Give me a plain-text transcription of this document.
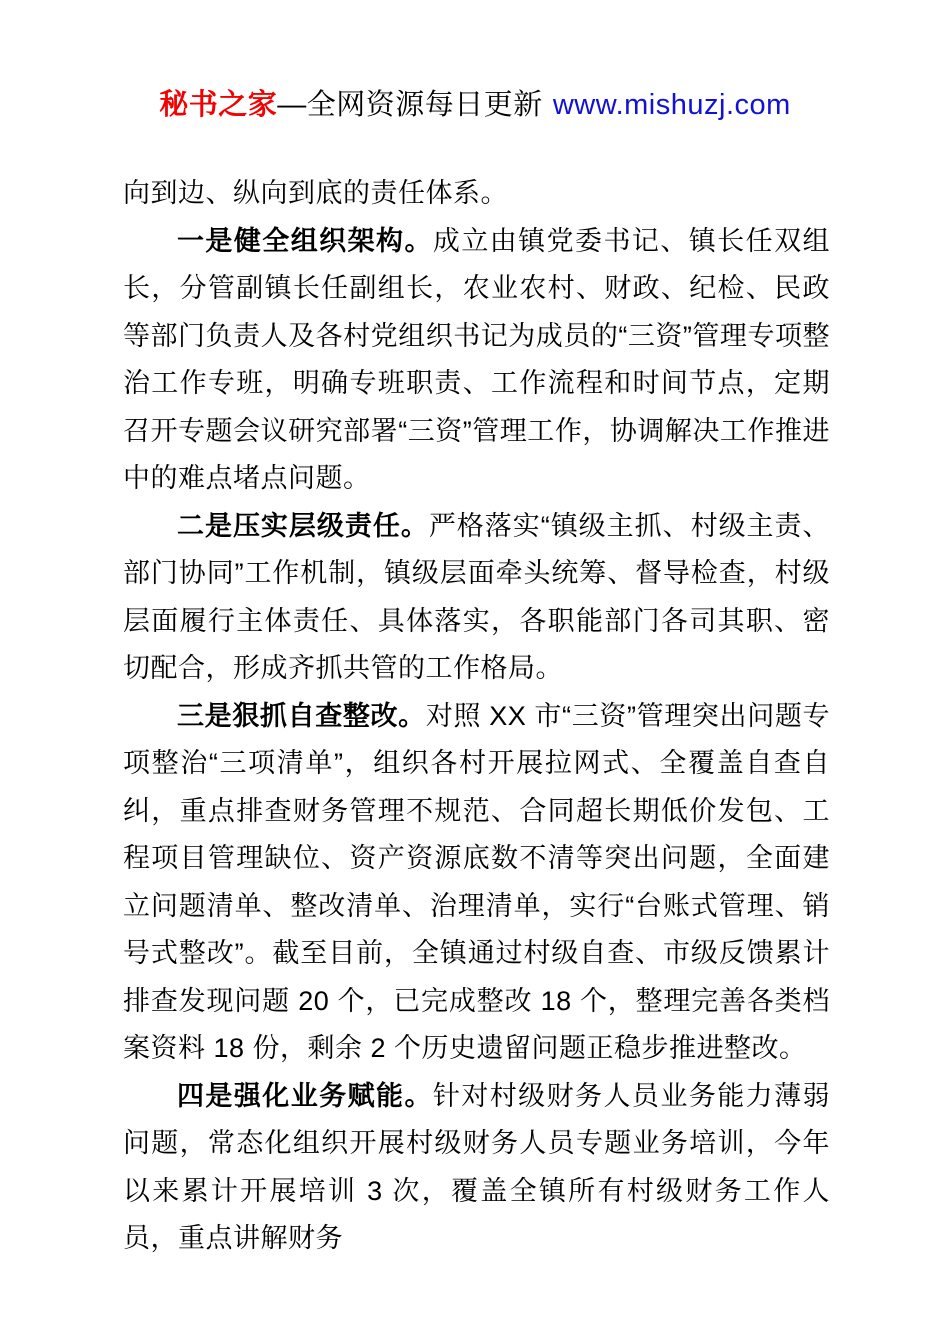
秘书之家—全网资源每日更新 www.mishuzj.com

向到边、纵向到底的责任体系。

一是健全组织架构。成立由镇党委书记、镇长任双组长，分管副镇长任副组长，农业农村、财政、纪检、民政等部门负责人及各村党组织书记为成员的“三资”管理专项整治工作专班，明确专班职责、工作流程和时间节点，定期召开专题会议研究部署“三资”管理工作，协调解决工作推进中的难点堵点问题。

二是压实层级责任。严格落实“镇级主抓、村级主责、部门协同”工作机制，镇级层面牵头统筹、督导检查，村级层面履行主体责任、具体落实，各职能部门各司其职、密切配合，形成齐抓共管的工作格局。

三是狠抓自查整改。对照 XX 市“三资”管理突出问题专项整治“三项清单”，组织各村开展拉网式、全覆盖自查自纠，重点排查财务管理不规范、合同超长期低价发包、工程项目管理缺位、资产资源底数不清等突出问题，全面建立问题清单、整改清单、治理清单，实行“台账式管理、销号式整改”。截至目前，全镇通过村级自查、市级反馈累计排查发现问题 20 个，已完成整改 18 个，整理完善各类档案资料 18 份，剩余 2 个历史遗留问题正稳步推进整改。

四是强化业务赋能。针对村级财务人员业务能力薄弱问题，常态化组织开展村级财务人员专题业务培训，今年以来累计开展培训 3 次，覆盖全镇所有村级财务工作人员，重点讲解财务
